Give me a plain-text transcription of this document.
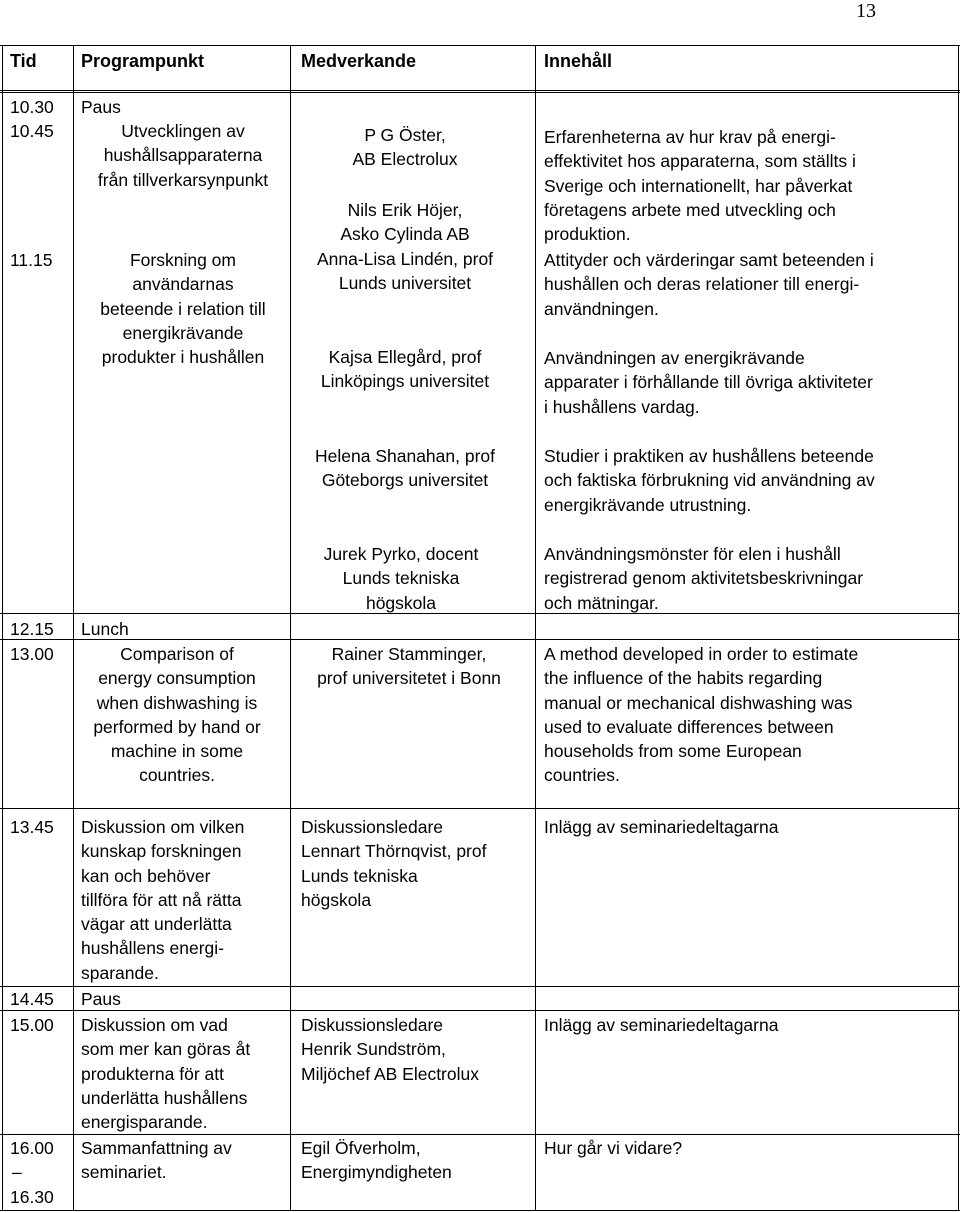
13
Tid Programpunkt	Medverkande	Innehåll
10.30
10.45
11.15
12.15
13.00
13.45
14.45
15.00
16.00
–
16.30
Paus
Utvecklingen av
hushållsapparaterna
från tillverkarsynpunkt
Forskning om
användarnas
beteende i relation till
energikrävande
produkter i hushållen
Lunch
Comparison of
energy consumption
when dishwashing is
performed by hand or
machine in some
countries.
Diskussion om vilken
kunskap forskningen
kan och behöver
tillföra för att nå rätta
vägar att underlätta
hushållens energi-
sparande.
Paus
Diskussion om vad
som mer kan göras åt
produkterna för att
underlätta hushållens
energisparande.
Sammanfattning av
seminariet.
P G Öster,
AB Electrolux
Nils Erik Höjer,
Asko Cylinda AB
Anna-Lisa Lindén, prof
Lunds universitet
Kajsa Ellegård, prof
Linköpings universitet
Helena Shanahan, prof
Göteborgs universitet
Jurek Pyrko, docent
Lunds tekniska
högskola
Rainer Stamminger,
prof universitetet i Bonn
Diskussionsledare
Lennart Thörnqvist, prof
Lunds tekniska
högskola
Diskussionsledare
Henrik Sundström,
Miljöchef AB Electrolux
Egil Öfverholm,
Energimyndigheten
Erfarenheterna av hur krav på energi-
effektivitet hos apparaterna, som ställts i
Sverige och internationellt, har påverkat
företagens arbete med utveckling och
produktion.
Attityder och värderingar samt beteenden i
hushållen och deras relationer till energi-
användningen.
Användningen av energikrävande
apparater i förhållande till övriga aktiviteter
i hushållens vardag.
Studier i praktiken av hushållens beteende
och faktiska förbrukning vid användning av
energikrävande utrustning.
Användningsmönster för elen i hushåll
registrerad genom aktivitetsbeskrivningar
och mätningar.
A method developed in order to estimate
the influence of the habits regarding
manual or mechanical dishwashing was
used to evaluate differences between
households from some European
countries.
Inlägg av seminariedeltagarna
Inlägg av seminariedeltagarna
Hur går vi vidare?
